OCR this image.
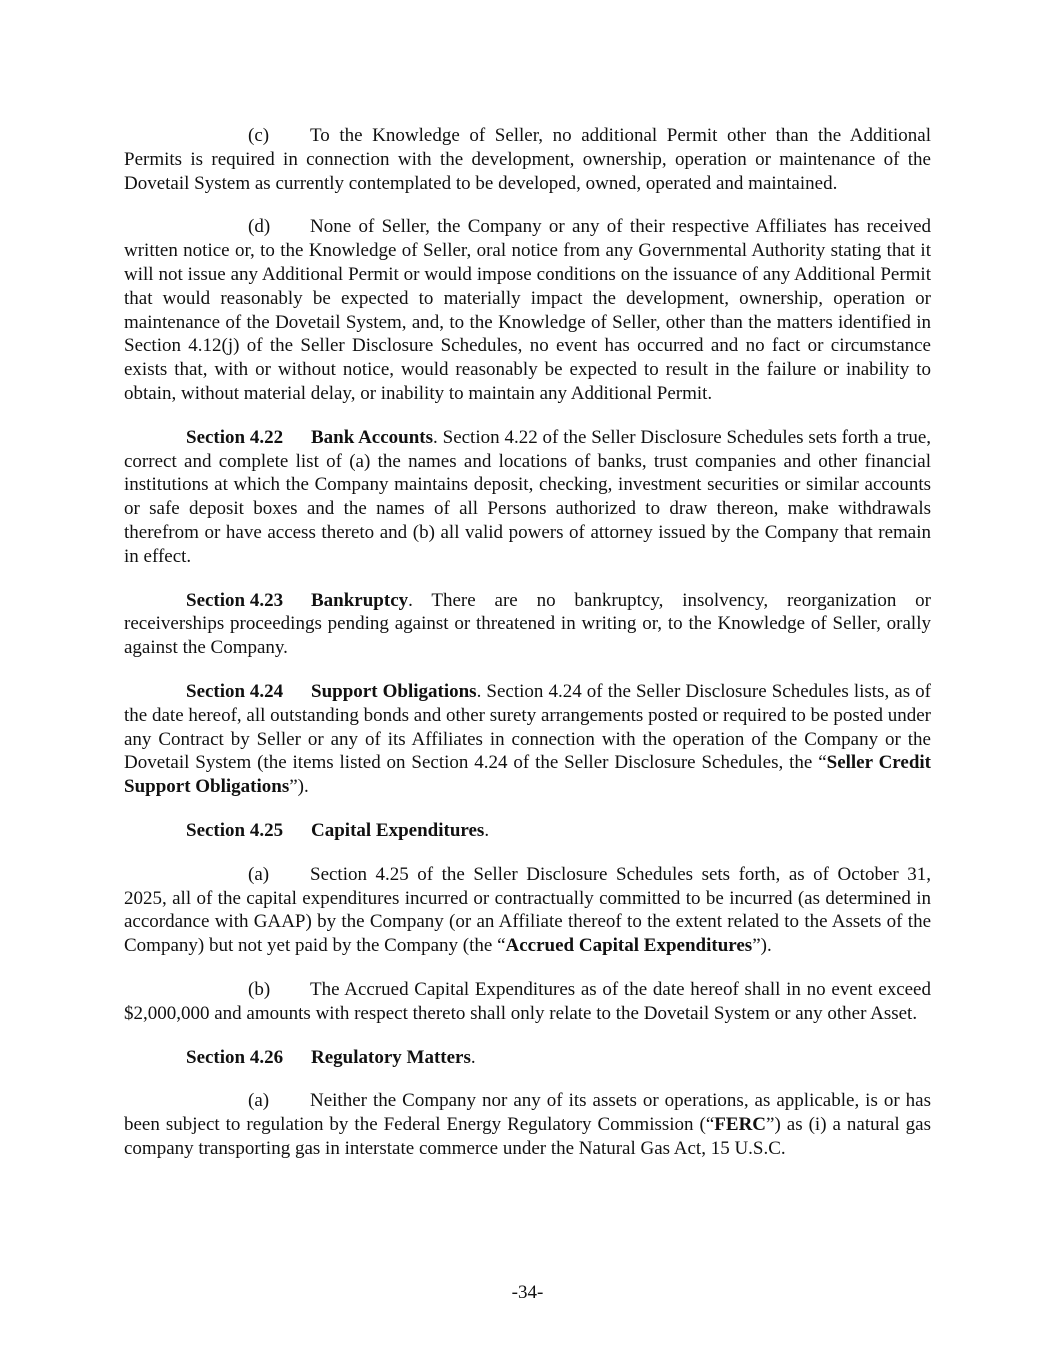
(c) To the Knowledge of Seller, no additional Permit other than the Additional Permits is required in connection with the development, ownership, operation or maintenance of the Dovetail System as currently contemplated to be developed, owned, operated and maintained.

(d) None of Seller, the Company or any of their respective Affiliates has received written notice or, to the Knowledge of Seller, oral notice from any Governmental Authority stating that it will not issue any Additional Permit or would impose conditions on the issuance of any Additional Permit that would reasonably be expected to materially impact the development, ownership, operation or maintenance of the Dovetail System, and, to the Knowledge of Seller, other than the matters identified in Section 4.12(j) of the Seller Disclosure Schedules, no event has occurred and no fact or circumstance exists that, with or without notice, would reasonably be expected to result in the failure or inability to obtain, without material delay, or inability to maintain any Additional Permit.

Section 4.22 Bank Accounts. Section 4.22 of the Seller Disclosure Schedules sets forth a true, correct and complete list of (a) the names and locations of banks, trust companies and other financial institutions at which the Company maintains deposit, checking, investment securities or similar accounts or safe deposit boxes and the names of all Persons authorized to draw thereon, make withdrawals therefrom or have access thereto and (b) all valid powers of attorney issued by the Company that remain in effect.

Section 4.23 Bankruptcy. There are no bankruptcy, insolvency, reorganization or receiverships proceedings pending against or threatened in writing or, to the Knowledge of Seller, orally against the Company.

Section 4.24 Support Obligations. Section 4.24 of the Seller Disclosure Schedules lists, as of the date hereof, all outstanding bonds and other surety arrangements posted or required to be posted under any Contract by Seller or any of its Affiliates in connection with the operation of the Company or the Dovetail System (the items listed on Section 4.24 of the Seller Disclosure Schedules, the “Seller Credit Support Obligations”).

Section 4.25 Capital Expenditures.

(a) Section 4.25 of the Seller Disclosure Schedules sets forth, as of October 31, 2025, all of the capital expenditures incurred or contractually committed to be incurred (as determined in accordance with GAAP) by the Company (or an Affiliate thereof to the extent related to the Assets of the Company) but not yet paid by the Company (the “Accrued Capital Expenditures”).

(b) The Accrued Capital Expenditures as of the date hereof shall in no event exceed $2,000,000 and amounts with respect thereto shall only relate to the Dovetail System or any other Asset.

Section 4.26 Regulatory Matters.

(a) Neither the Company nor any of its assets or operations, as applicable, is or has been subject to regulation by the Federal Energy Regulatory Commission (“FERC”) as (i) a natural gas company transporting gas in interstate commerce under the Natural Gas Act, 15 U.S.C.

-34-
